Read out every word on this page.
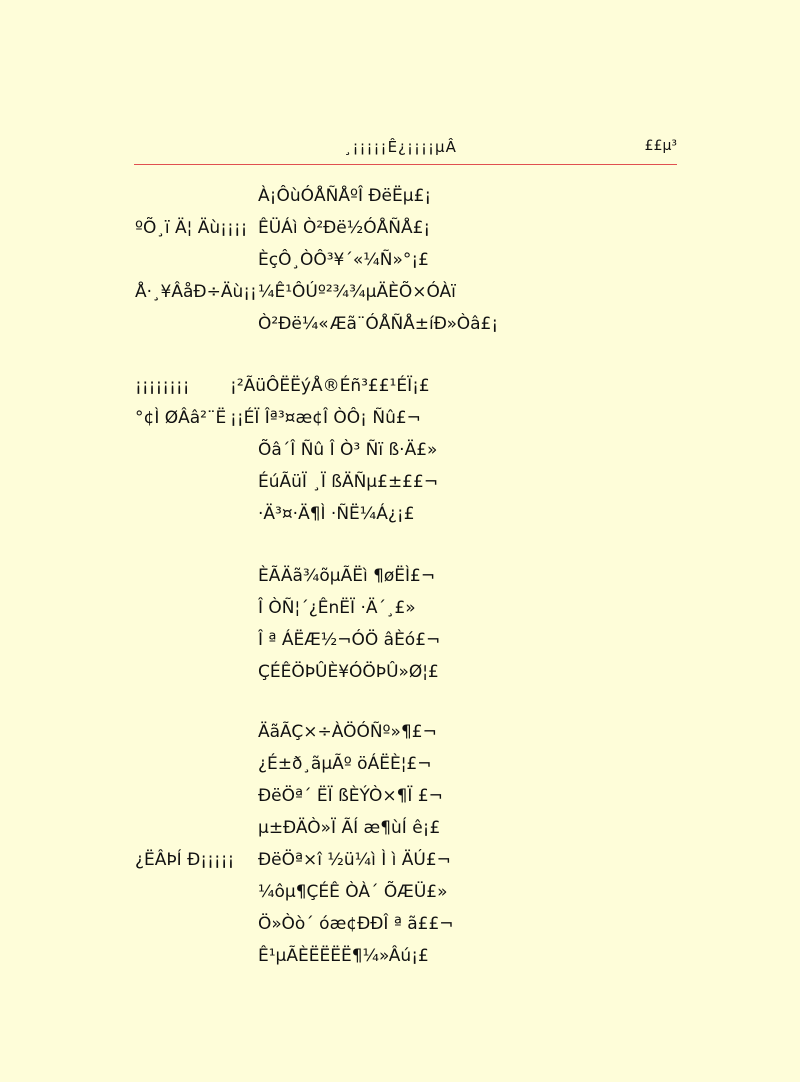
¸¡¡¡¡¡Ê¿¡¡¡¡µÂ	££µ³
À¡ÔùÓÅÑÅºÎ ÐëËµ£¡
ºÕ¸ï Ä¦ Äù¡¡¡¡ ÊÜÁì Ò²Ðë½ÓÅÑÅ£¡
ÈçÔ¸ÒÔ³¥´«¼Ñ»°¡£
Å·¸¥ÂåÐ÷Äù¡¡ ¼Ê¹ÔÚº²¾¾µÄÈÕ×ÓÀï
Ò²Ðë¼«Æã¨ÓÅÑÅ±íÐ»Òâ£¡
¡¡¡¡¡¡¡¡ ¡²ÃüÔËËýÅ®Éñ³££¹ÉÏ¡£
°¢Ì ØÂâ²¨Ë ¡¡ÉÏ Îª³¤æ¢Î ÒÔ¡ Ñû£¬
Õâ´Î Ñû Î Ò³ Ñï ß·Ä£»
ÉúÃüÏ ¸Ï ßÄÑµ£±££¬
·Ä³¤·Ä¶Ì ·ÑË¼Á¿¡£
ÈÃÄã¾õµÃËì ¶øËÌ£¬
Î ÒÑ¦´¿ÊnËÏ ·Ä´¸£»
Î ª ÁËÆ½¬ÓÖ âÈó£¬
ÇÉÊÖÞÛÈ¥ÓÖÞÛ»Ø¦£
ÄãÃÇ×÷ÀÖÓÑº»¶£¬
¿É±ð¸ãµÃº öÁËÈ¦£¬
ÐëÖª´ ËÏ ßÈÝÒ×¶Ï £¬
µ±ÐÄÒ»Ï ÃÍ æ¶ùÍ ê¡£
¿ËÂÞÍ Ð¡¡¡¡¡ ÐëÖª×î ½ü¼ì Ì ì ÄÚ£¬
¼ôµ¶ÇÉÊ ÒÀ´ ÕÆÜ£»
Ö»Òò´ óæ¢ÐÐÎ ª ã££¬
Ê¹µÃÈËËËË¶¼»Âú¡£
